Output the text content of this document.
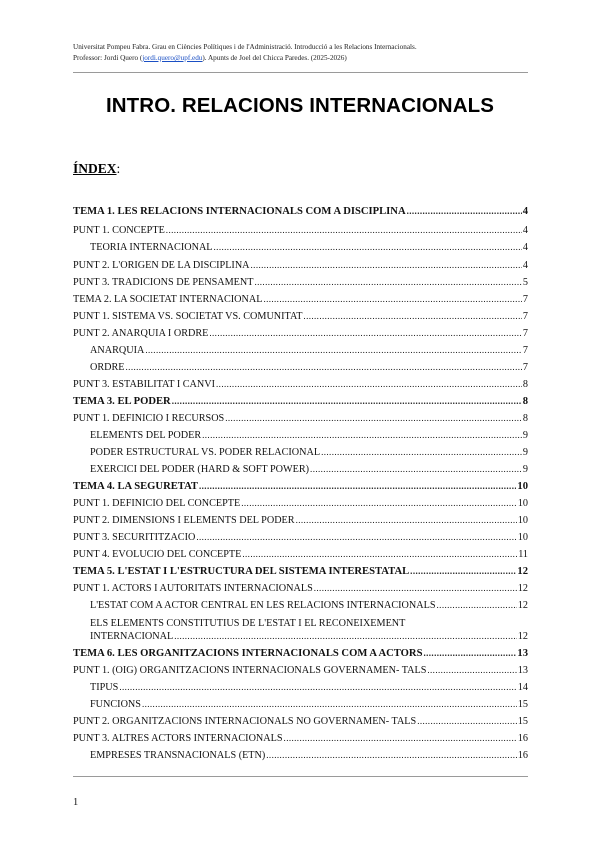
Universitat Pompeu Fabra. Grau en Ciències Polítiques i de l'Administració. Introducció a les Relacions Internacionals.
Professor: Jordi Quero (jordi.quero@upf.edu). Apunts de Joel del Chicca Paredes. (2025-2026)
INTRO. RELACIONS INTERNACIONALS
ÍNDEX:
TEMA 1. LES RELACIONS INTERNACIONALS COM A DISCIPLINA .....	4
PUNT 1. CONCEPTE .....	4
TEORIA INTERNACIONAL .....	4
PUNT 2. L'ORIGEN DE LA DISCIPLINA .....	4
PUNT 3. TRADICIONS DE PENSAMENT .....	5
TEMA 2. LA SOCIETAT INTERNACIONAL .....	7
PUNT 1. SISTEMA VS. SOCIETAT VS. COMUNITAT .....	7
PUNT 2. ANARQUIA I ORDRE .....	7
ANARQUIA .....	7
ORDRE .....	7
PUNT 3. ESTABILITAT I CANVI .....	8
TEMA 3. EL PODER .....	8
PUNT 1. DEFINICIÓ I RECURSOS .....	8
ELEMENTS DEL PODER .....	9
PODER ESTRUCTURAL VS. PODER RELACIONAL .....	9
EXERCICI DEL PODER (HARD & SOFT POWER) .....	9
TEMA 4. LA SEGURETAT .....	10
PUNT 1. DEFINICIÓ DEL CONCEPTE .....	10
PUNT 2. DIMENSIONS I ELEMENTS DEL PODER .....	10
PUNT 3. SECURITITZACIÓ .....	10
PUNT 4. EVOLUCIÓ DEL CONCEPTE .....	11
TEMA 5. L'ESTAT I L'ESTRUCTURA DEL SISTEMA INTERESTATAL .....	12
PUNT 1. ACTORS I AUTORITATS INTERNACIONALS .....	12
L'ESTAT COM A ACTOR CENTRAL EN LES RELACIONS INTERNACIONALS .....	12
ELS ELEMENTS CONSTITUTIUS DE L'ESTAT I EL RECONEIXEMENT
INTERNACIONAL .....	12
TEMA 6. LES ORGANITZACIONS INTERNACIONALS COM A ACTORS .....	13
PUNT 1. (OIG) ORGANITZACIONS INTERNACIONALS GOVERNAMEN- TALS .....	13
TIPUS .....	14
FUNCIONS .....	15
PUNT 2. ORGANITZACIONS INTERNACIONALS NO GOVERNAMEN- TALS .....	15
PUNT 3. ALTRES ACTORS INTERNACIONALS .....	16
EMPRESES TRANSNACIONALS (ETN) .....	16
1
